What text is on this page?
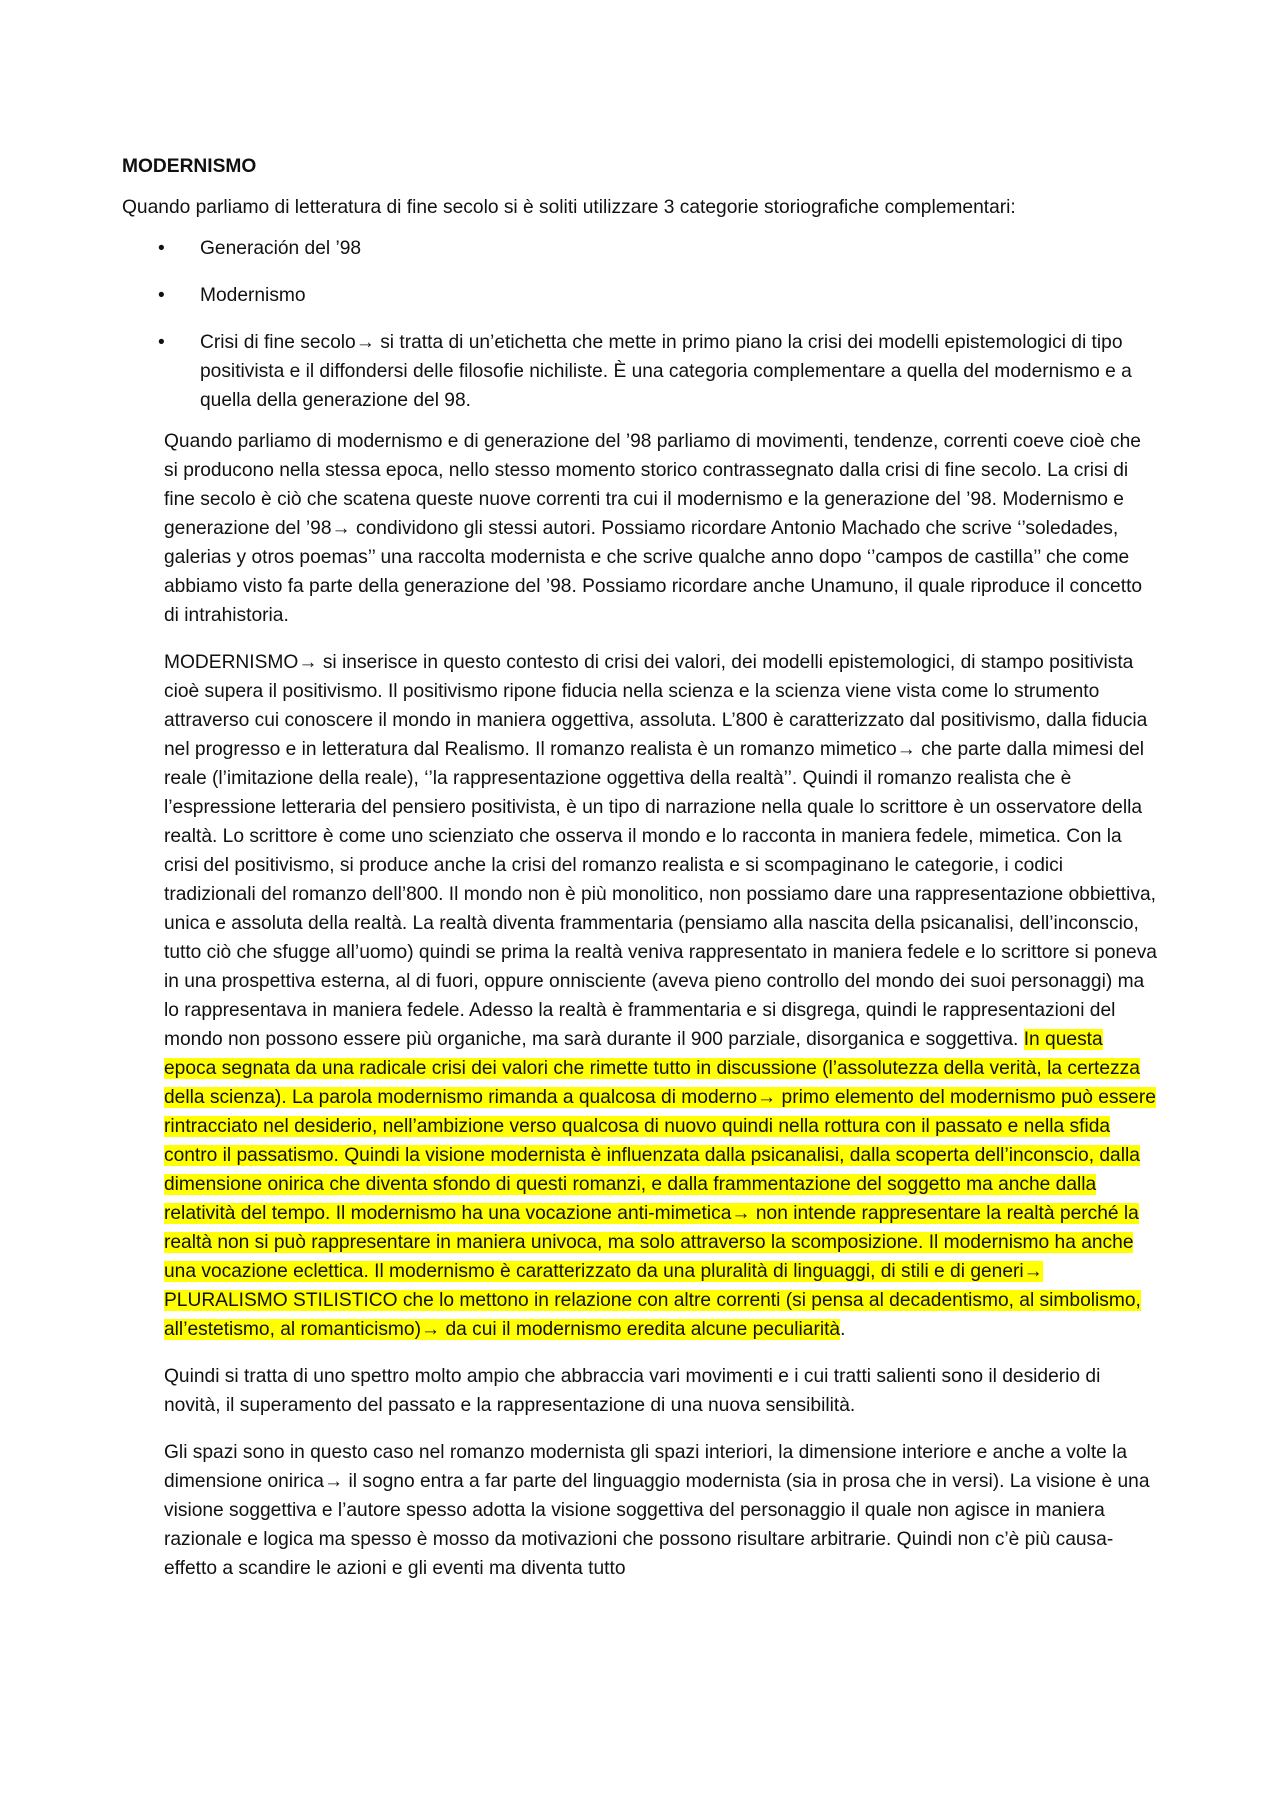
MODERNISMO
Quando parliamo di letteratura di fine secolo si è soliti utilizzare 3 categorie storiografiche complementari:
• Generación del ’98
• Modernismo
• Crisi di fine secolo→ si tratta di un’etichetta che mette in primo piano la crisi dei modelli epistemologici di tipo positivista e il diffondersi delle filosofie nichiliste. È una categoria complementare a quella del modernismo e a quella della generazione del 98.

Quando parliamo di modernismo e di generazione del ’98 parliamo di movimenti, tendenze, correnti coeve cioè che si producono nella stessa epoca, nello stesso momento storico contrassegnato dalla crisi di fine secolo. La crisi di fine secolo è ciò che scatena queste nuove correnti tra cui il modernismo e la generazione del ’98. Modernismo e generazione del ’98→ condividono gli stessi autori. Possiamo ricordare Antonio Machado che scrive ‘’soledades, galerias y otros poemas’’ una raccolta modernista e che scrive qualche anno dopo ‘’campos de castilla’’ che come abbiamo visto fa parte della generazione del ’98. Possiamo ricordare anche Unamuno, il quale riproduce il concetto di intrahistoria.

MODERNISMO→ si inserisce in questo contesto di crisi dei valori, dei modelli epistemologici, di stampo positivista cioè supera il positivismo. Il positivismo ripone fiducia nella scienza e la scienza viene vista come lo strumento attraverso cui conoscere il mondo in maniera oggettiva, assoluta. L’800 è caratterizzato dal positivismo, dalla fiducia nel progresso e in letteratura dal Realismo. Il romanzo realista è un romanzo mimetico→ che parte dalla mimesi del reale (l’imitazione della reale), ‘’la rappresentazione oggettiva della realtà’’. Quindi il romanzo realista che è l’espressione letteraria del pensiero positivista, è un tipo di narrazione nella quale lo scrittore è un osservatore della realtà. Lo scrittore è come uno scienziato che osserva il mondo e lo racconta in maniera fedele, mimetica. Con la crisi del positivismo, si produce anche la crisi del romanzo realista e si scompaginano le categorie, i codici tradizionali del romanzo dell’800. Il mondo non è più monolitico, non possiamo dare una rappresentazione obbiettiva, unica e assoluta della realtà. La realtà diventa frammentaria (pensiamo alla nascita della psicanalisi, dell’inconscio, tutto ciò che sfugge all’uomo) quindi se prima la realtà veniva rappresentato in maniera fedele e lo scrittore si poneva in una prospettiva esterna, al di fuori, oppure onnisciente (aveva pieno controllo del mondo dei suoi personaggi) ma lo rappresentava in maniera fedele. Adesso la realtà è frammentaria e si disgrega, quindi le rappresentazioni del mondo non possono essere più organiche, ma sarà durante il 900 parziale, disorganica e soggettiva. In questa epoca segnata da una radicale crisi dei valori che rimette tutto in discussione (l’assolutezza della verità, la certezza della scienza). La parola modernismo rimanda a qualcosa di moderno→ primo elemento del modernismo può essere rintracciato nel desiderio, nell’ambizione verso qualcosa di nuovo quindi nella rottura con il passato e nella sfida contro il passatismo. Quindi la visione modernista è influenzata dalla psicanalisi, dalla scoperta dell’inconscio, dalla dimensione onirica che diventa sfondo di questi romanzi, e dalla frammentazione del soggetto ma anche dalla relatività del tempo. Il modernismo ha una vocazione anti-mimetica→ non intende rappresentare la realtà perché la realtà non si può rappresentare in maniera univoca, ma solo attraverso la scomposizione. Il modernismo ha anche una vocazione eclettica. Il modernismo è caratterizzato da una pluralità di linguaggi, di stili e di generi→ PLURALISMO STILISTICO che lo mettono in relazione con altre correnti (si pensa al decadentismo, al simbolismo, all’estetismo, al romanticismo)→ da cui il modernismo eredita alcune peculiarità.

Quindi si tratta di uno spettro molto ampio che abbraccia vari movimenti e i cui tratti salienti sono il desiderio di novità, il superamento del passato e la rappresentazione di una nuova sensibilità.

Gli spazi sono in questo caso nel romanzo modernista gli spazi interiori, la dimensione interiore e anche a volte la dimensione onirica→ il sogno entra a far parte del linguaggio modernista (sia in prosa che in versi). La visione è una visione soggettiva e l’autore spesso adotta la visione soggettiva del personaggio il quale non agisce in maniera razionale e logica ma spesso è mosso da motivazioni che possono risultare arbitrarie. Quindi non c’è più causa-effetto a scandire le azioni e gli eventi ma diventa tutto
